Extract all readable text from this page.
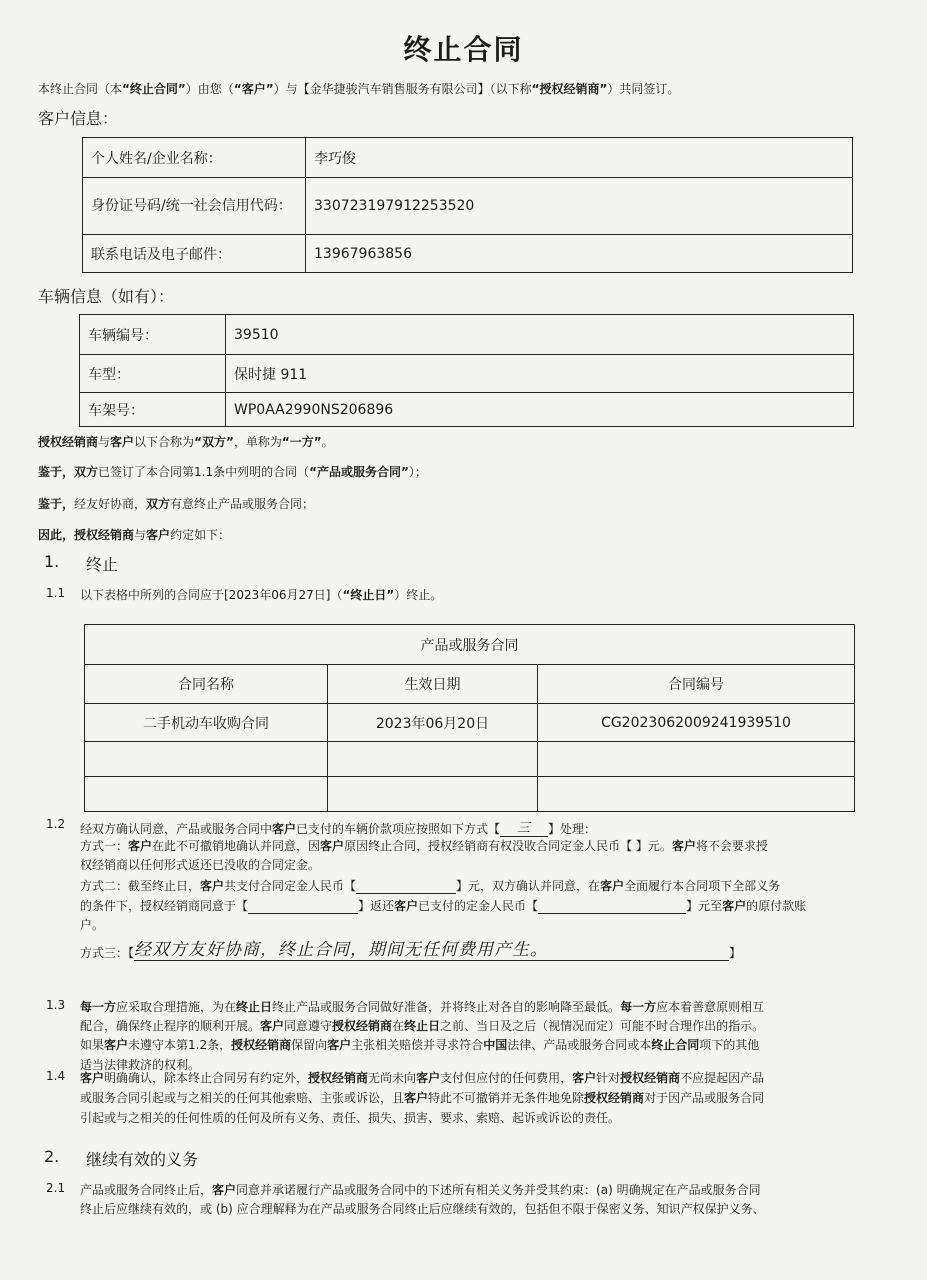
终止合同
本终止合同（本“终止合同”）由您（“客户”）与【金华捷骏汽车销售服务有限公司】（以下称“授权经销商”）共同签订。
客户信息：
个人姓名/企业名称：	李巧俊
身份证号码/统一社会信用代码：	330723197912253520
联系电话及电子邮件：	13967963856
车辆信息（如有）：
车辆编号：	39510
车型：	保时捷 911
车架号：	WP0AA2990NS206896
授权经销商与客户以下合称为“双方”，单称为“一方”。
鉴于，双方已签订了本合同第1.1条中列明的合同（“产品或服务合同”）；
鉴于，经友好协商，双方有意终止产品或服务合同；
因此，授权经销商与客户约定如下：
1. 终止
1.1 以下表格中所列的合同应于[2023年06月27日]（“终止日”）终止。
产品或服务合同		
合同名称	生效日期	合同编号
二手机动车收购合同	2023年06月20日	CG2023062009241939510

1.2 经双方确认同意，产品或服务合同中客户已支付的车辆价款项应按照如下方式【 三 】处理：
方式一：客户在此不可撤销地确认并同意，因客户原因终止合同，授权经销商有权没收合同定金人民币【 】元。客户将不会要求授
权经销商以任何形式返还已没收的合同定金。
方式二：截至终止日，客户共支付合同定金人民币【	】元，双方确认并同意，在客户全面履行本合同项下全部义务
的条件下，授权经销商同意于【	】返还客户已支付的定金人民币【	】元至客户的原付款账
户。
方式三：【经双方友好协商，终止合同，期间无任何费用产生。	】
1.3 每一方应采取合理措施，为在终止日终止产品或服务合同做好准备，并将终止对各自的影响降至最低。每一方应本着善意原则相互
配合，确保终止程序的顺利开展。客户同意遵守授权经销商在终止日之前、当日及之后（视情况而定）可能不时合理作出的指示。
如果客户未遵守本第1.2条，授权经销商保留向客户主张相关赔偿并寻求符合中国法律、产品或服务合同或本终止合同项下的其他
适当法律救济的权利。
1.4 客户明确确认，除本终止合同另有约定外，授权经销商无尚未向客户支付但应付的任何费用，客户针对授权经销商不应提起因产品
或服务合同引起或与之相关的任何其他索赔、主张或诉讼，且客户特此不可撤销并无条件地免除授权经销商对于因产品或服务合同
引起或与之相关的任何性质的任何及所有义务、责任、损失、损害、要求、索赔、起诉或诉讼的责任。
2. 继续有效的义务
2.1 产品或服务合同终止后，客户同意并承诺履行产品或服务合同中的下述所有相关义务并受其约束：(a) 明确规定在产品或服务合同
终止后应继续有效的，或 (b) 应合理解释为在产品或服务合同终止后应继续有效的，包括但不限于保密义务、知识产权保护义务、
